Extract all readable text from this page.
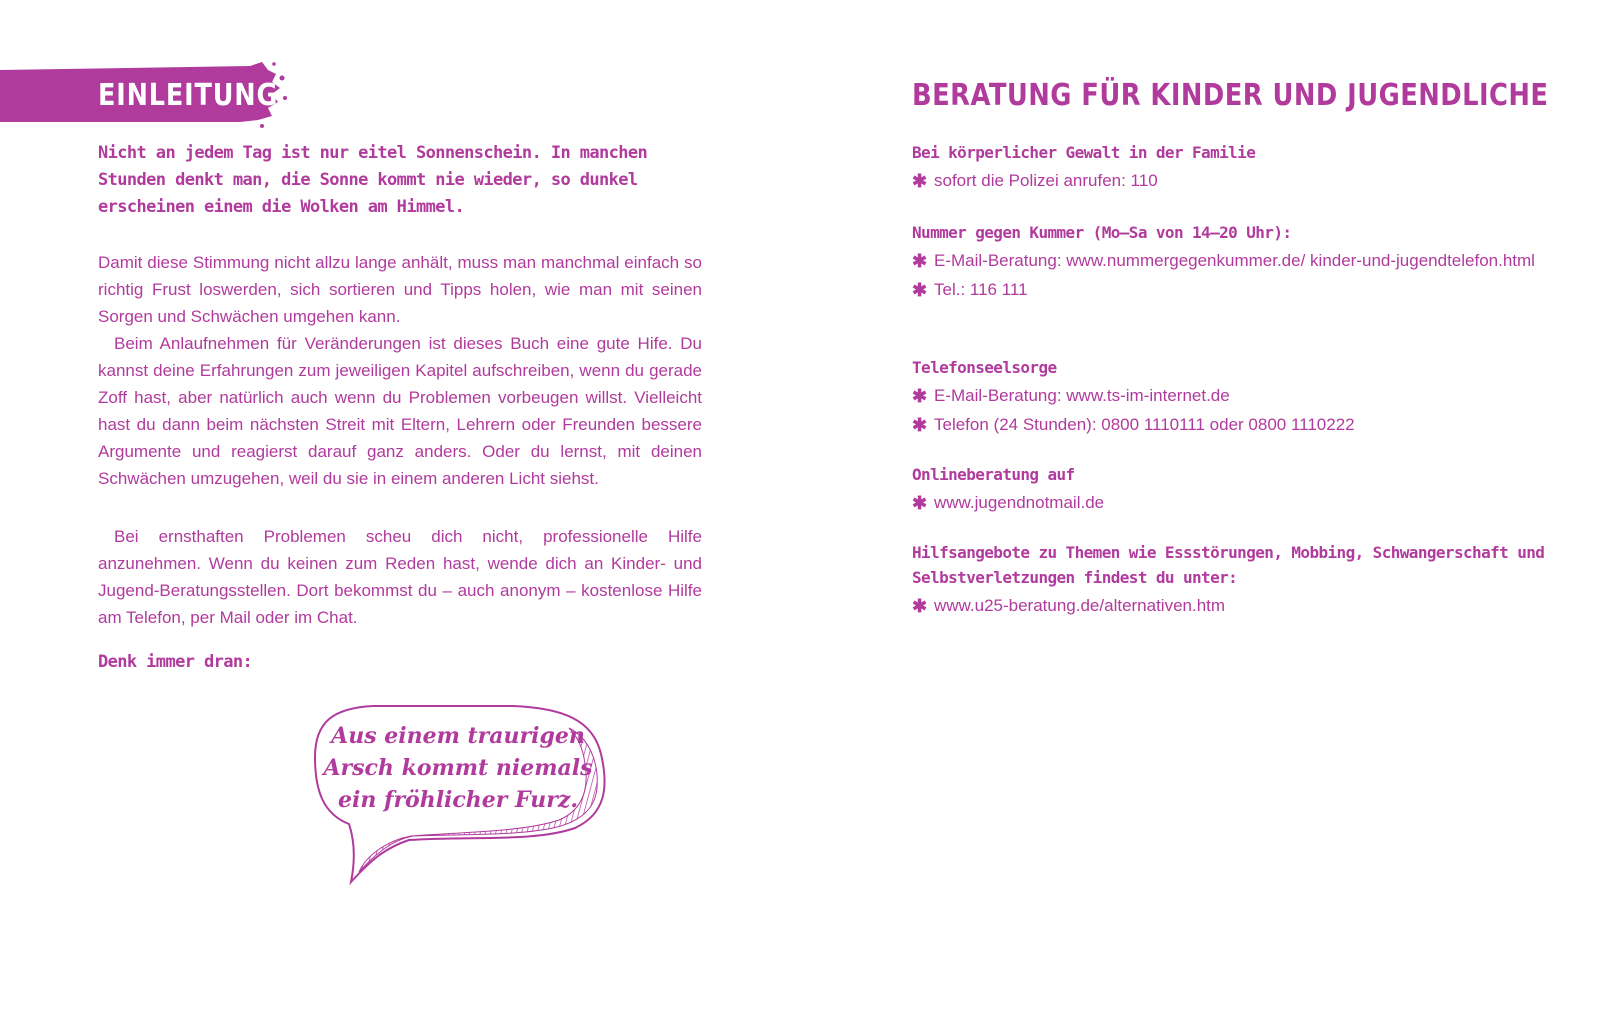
EINLEITUNG
Nicht an jedem Tag ist nur eitel Sonnenschein. In manchen
Stunden denkt man, die Sonne kommt nie wieder, so dunkel
erscheinen einem die Wolken am Himmel.

Damit diese Stimmung nicht allzu lange anhält, muss man manchmal einfach so richtig Frust loswerden, sich sortieren und Tipps holen, wie man mit seinen Sorgen und Schwächen umgehen kann.

Beim Anlaufnehmen für Veränderungen ist dieses Buch eine gute Hife. Du kannst deine Erfahrungen zum jeweiligen Kapitel aufschreiben, wenn du gerade Zoff hast, aber natürlich auch wenn du Problemen vorbeugen willst. Vielleicht hast du dann beim nächsten Streit mit Eltern, Lehrern oder Freunden bessere Argumente und reagierst darauf ganz anders. Oder du lernst, mit deinen Schwächen umzugehen, weil du sie in einem anderen Licht siehst.

Bei ernsthaften Problemen scheu dich nicht, professionelle Hilfe anzunehmen. Wenn du keinen zum Reden hast, wende dich an Kinder- und Jugend-Beratungsstellen. Dort bekommst du – auch anonym – kostenlose Hilfe am Telefon, per Mail oder im Chat.

Denk immer dran:
Aus einem traurigen
Arsch kommt niemals
ein fröhlicher Furz.
BERATUNG FÜR KINDER UND JUGENDLICHE
Bei körperlicher Gewalt in der Familie
✱ sofort die Polizei anrufen: 110
Nummer gegen Kummer (Mo–Sa von 14–20 Uhr):
✱ E-Mail-Beratung: www.nummergegenkummer.de/ kinder-und-jugendtelefon.html
✱ Tel.: 116 111
Telefonseelsorge
✱ E-Mail-Beratung: www.ts-im-internet.de
✱ Telefon (24 Stunden): 0800 1110111 oder 0800 1110222
Onlineberatung auf
✱ www.jugendnotmail.de
Hilfsangebote zu Themen wie Essstörungen, Mobbing, Schwangerschaft und Selbstverletzungen findest du unter:
✱ www.u25-beratung.de/alternativen.htm
